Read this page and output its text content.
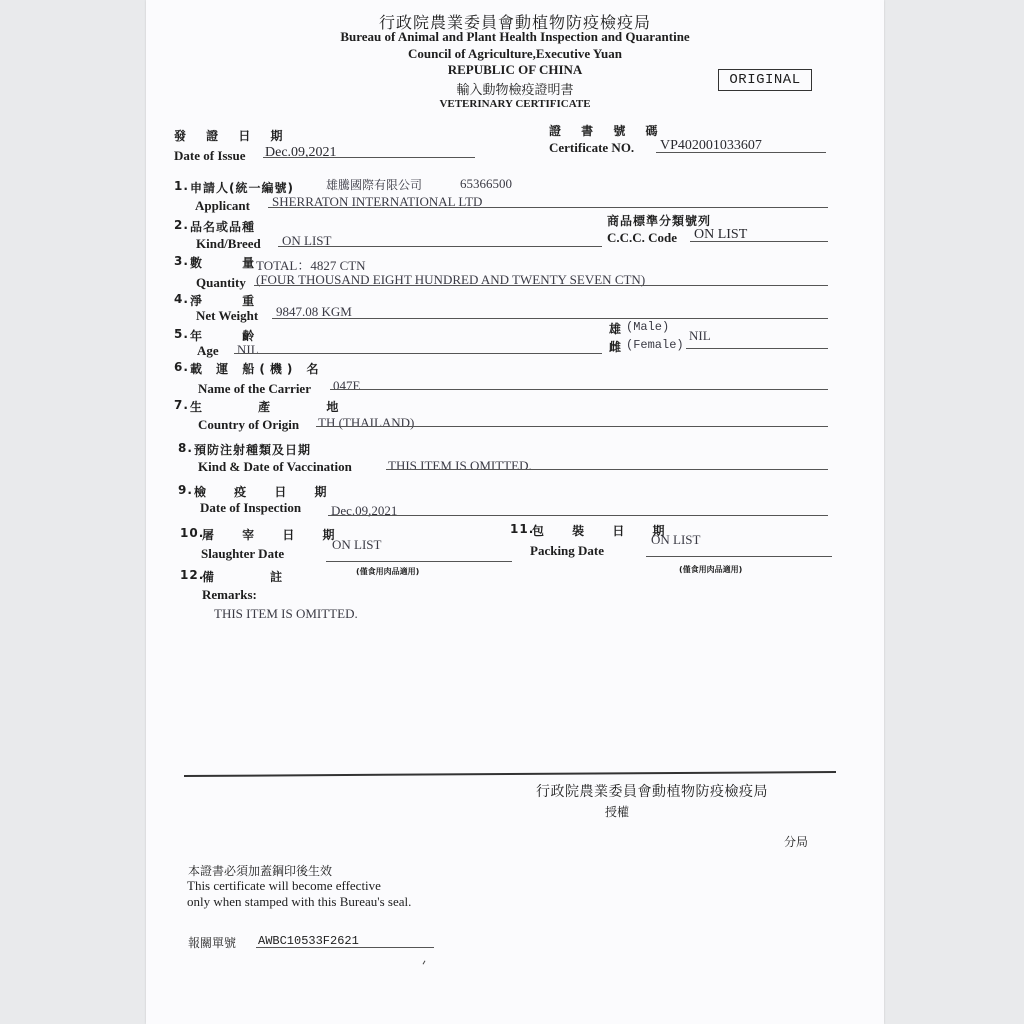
行政院農業委員會動植物防疫檢疫局
Bureau of Animal and Plant Health Inspection and Quarantine
Council of Agriculture,Executive Yuan
REPUBLIC OF CHINA
輸入動物檢疫證明書
VETERINARY CERTIFICATE
ORIGINAL
發 證 日 期
Date of Issue Dec.09,2021
證 書 號 碼
Certificate NO. VP402001033607
1. 申請人(統一編號)	雄騰國際有限公司	65366500
Applicant SHERRATON INTERNATIONAL LTD
2. 品名或品種
Kind/Breed ON LIST
商品標準分類號列
C.C.C. Code ON LIST
3. 數 量
TOTAL：4827 CTN
Quantity (FOUR THOUSAND EIGHT HUNDRED AND TWENTY SEVEN CTN)
4. 淨 重
Net Weight 9847.08 KGM
5. 年 齡
Age NIL
雄 (Male)
雌 (Female)
NIL
6. 載 運 船(機) 名
Name of the Carrier 047E
7. 生 產 地
Country of Origin TH (THAILAND)
8. 預防注射種類及日期
Kind & Date of Vaccination	THIS ITEM IS OMITTED.
9. 檢 疫 日 期
Date of Inspection Dec.09,2021
10.
屠 宰 日 期
Slaughter Date
ON LIST
(僅食用肉品適用)
11.
包 裝 日 期
Packing Date
ON LIST
(僅食用肉品適用)
12.
備 註
Remarks:
THIS ITEM IS OMITTED.
行政院農業委員會動植物防疫檢疫局
授權
分局
本證書必須加蓋鋼印後生效
This certificate will become effective
only when stamped with this Bureau's seal.
報關單號 AWBC10533F2621
